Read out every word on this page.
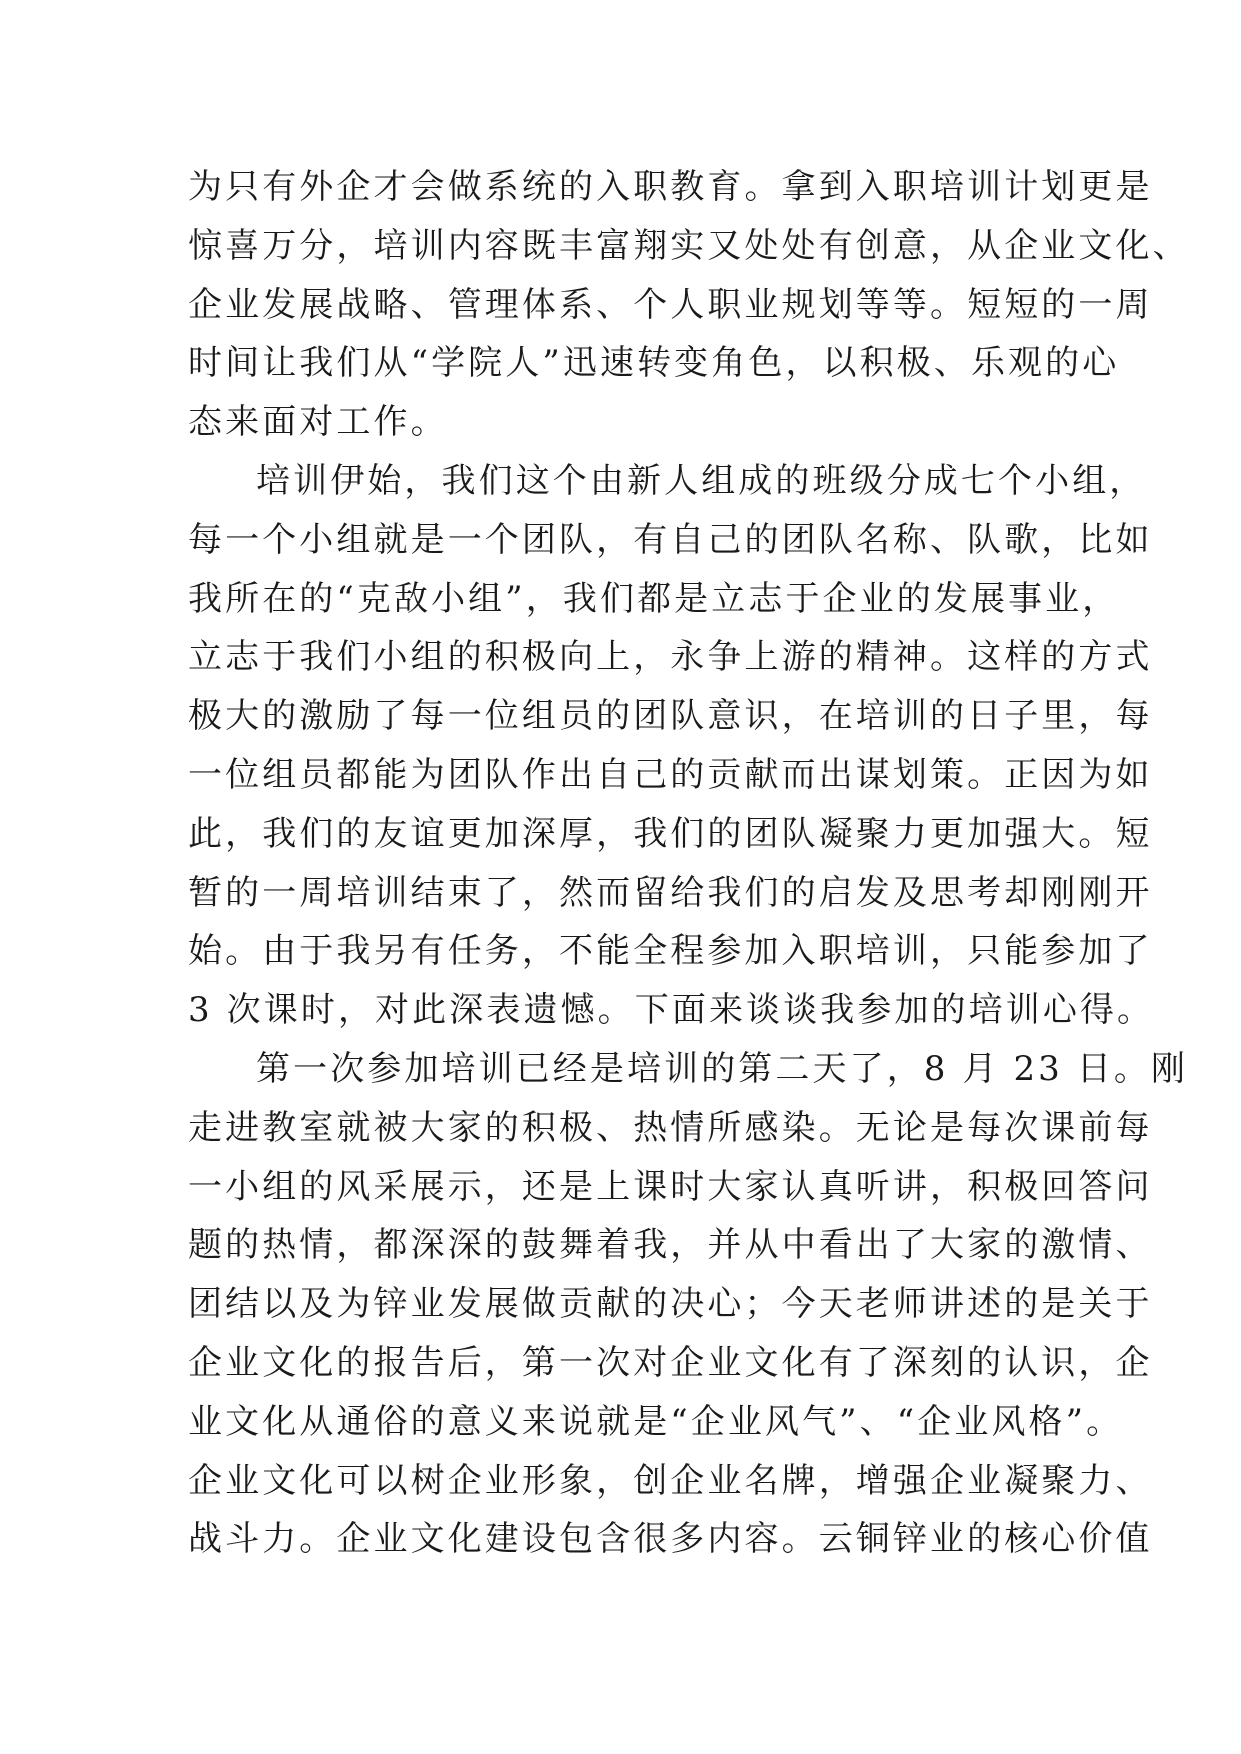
为只有外企才会做系统的入职教育。拿到入职培训计划更是
惊喜万分，培训内容既丰富翔实又处处有创意，从企业文化、
企业发展战略、管理体系、个人职业规划等等。短短的一周
时间让我们从“学院人”迅速转变角色，以积极、乐观的心
态来面对工作。
培训伊始，我们这个由新人组成的班级分成七个小组，
每一个小组就是一个团队，有自己的团队名称、队歌，比如
我所在的“克敌小组”，我们都是立志于企业的发展事业，
立志于我们小组的积极向上，永争上游的精神。这样的方式
极大的激励了每一位组员的团队意识，在培训的日子里，每
一位组员都能为团队作出自己的贡献而出谋划策。正因为如
此，我们的友谊更加深厚，我们的团队凝聚力更加强大。短
暂的一周培训结束了，然而留给我们的启发及思考却刚刚开
始。由于我另有任务，不能全程参加入职培训，只能参加了
3 次课时，对此深表遗憾。下面来谈谈我参加的培训心得。
第一次参加培训已经是培训的第二天了，8 月 23 日。刚
走进教室就被大家的积极、热情所感染。无论是每次课前每
一小组的风采展示，还是上课时大家认真听讲，积极回答问
题的热情，都深深的鼓舞着我，并从中看出了大家的激情、
团结以及为锌业发展做贡献的决心；今天老师讲述的是关于
企业文化的报告后，第一次对企业文化有了深刻的认识，企
业文化从通俗的意义来说就是“企业风气”、“企业风格”。
企业文化可以树企业形象，创企业名牌，增强企业凝聚力、
战斗力。企业文化建设包含很多内容。云铜锌业的核心价值
